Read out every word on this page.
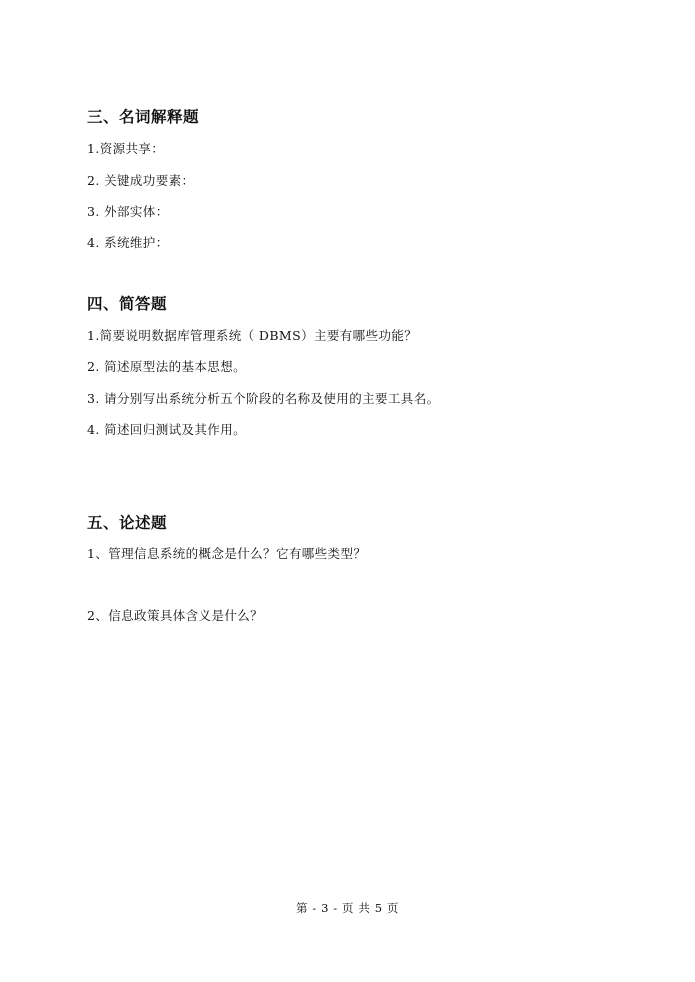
三、名词解释题
1.资源共享：
2. 关键成功要素：
3. 外部实体：
4. 系统维护：
四、简答题
1.简要说明数据库管理系统（ DBMS）主要有哪些功能？
2. 简述原型法的基本思想。
3. 请分别写出系统分析五个阶段的名称及使用的主要工具名。
4. 简述回归测试及其作用。
五、论述题
1、管理信息系统的概念是什么？它有哪些类型？
2、信息政策具体含义是什么？
第 - 3 - 页 共 5 页
